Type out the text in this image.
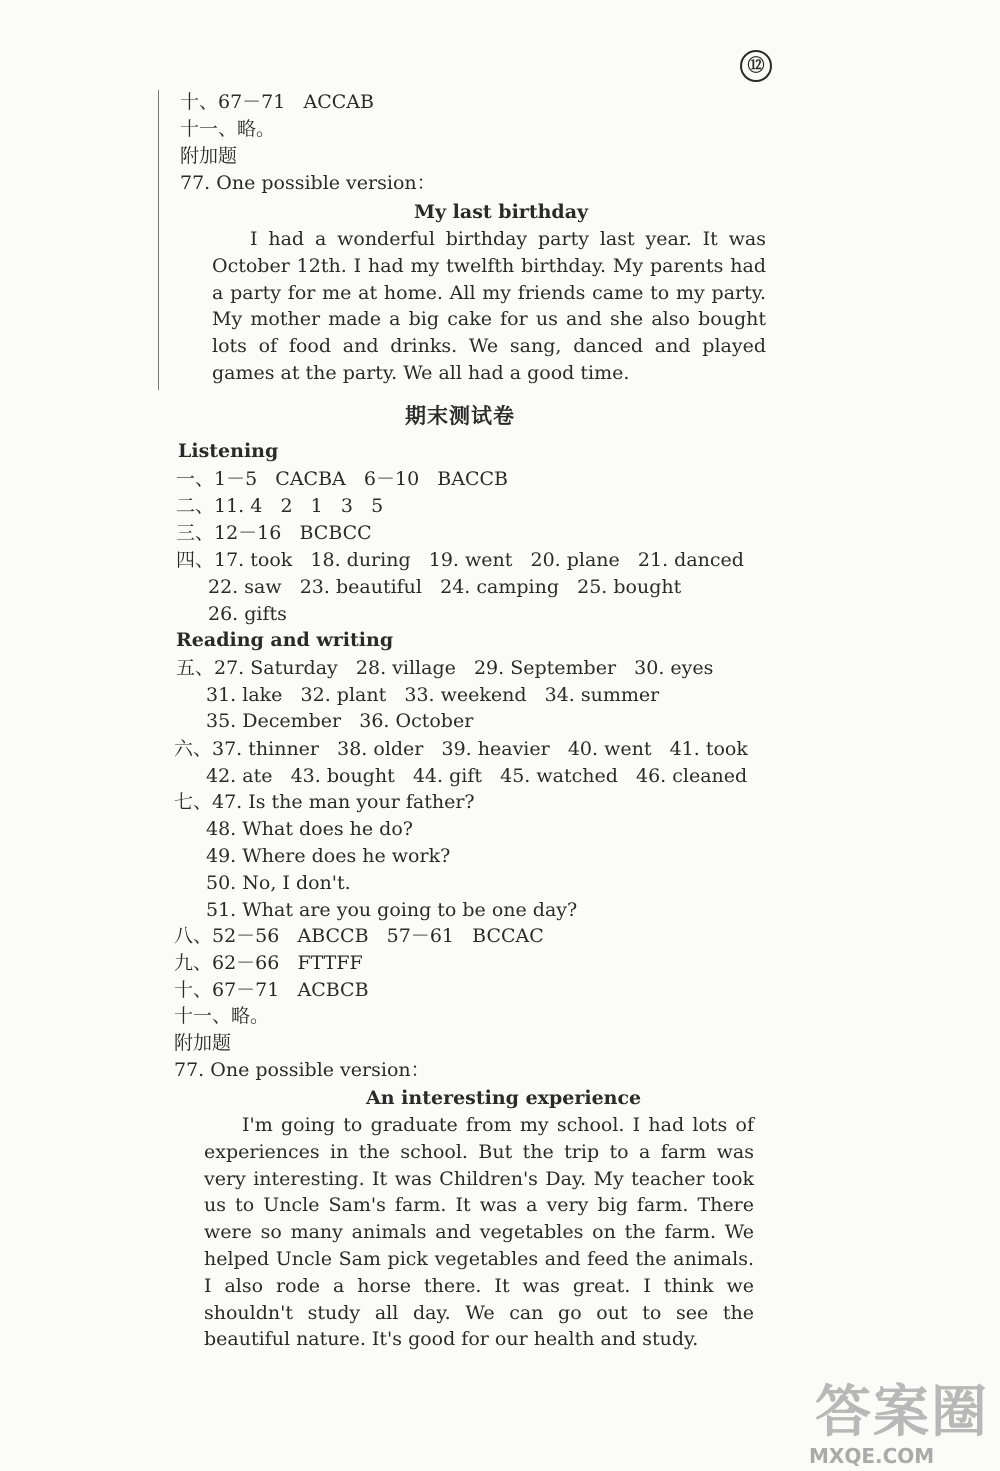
⑫
十、67－71   ACCAB
十一、略。
附加题
77. One possible version：
My last birthday

I had a wonderful birthday party last year. It was October 12th. I had my twelfth birthday. My parents had a party for me at home. All my friends came to my party. My mother made a big cake for us and she also bought lots of food and drinks. We sang, danced and played games at the party. We all had a good time.

期末测试卷
Listening
一、1－5   CACBA   6－10   BACCB
二、11. 4   2   1   3   5
三、12－16   BCBCC
四、17. took   18. during   19. went   20. plane   21. danced
22. saw   23. beautiful   24. camping   25. bought
26. gifts
Reading and writing
五、27. Saturday   28. village   29. September   30. eyes
31. lake   32. plant   33. weekend   34. summer
35. December   36. October
六、37. thinner   38. older   39. heavier   40. went   41. took
42. ate   43. bought   44. gift   45. watched   46. cleaned
七、47. Is the man your father?
48. What does he do?
49. Where does he work?
50. No, I don't.
51. What are you going to be one day?
八、52－56   ABCCB   57－61   BCCAC
九、62－66   FTTFF
十、67－71   ACBCB
十一、略。
附加题
77. One possible version：
An interesting experience

I'm going to graduate from my school. I had lots of experiences in the school. But the trip to a farm was very interesting. It was Children's Day. My teacher took us to Uncle Sam's farm. It was a very big farm. There were so many animals and vegetables on the farm. We helped Uncle Sam pick vegetables and feed the animals. I also rode a horse there. It was great. I think we shouldn't study all day. We can go out to see the beautiful nature. It's good for our health and study.

答案圈
MXQE.COM
